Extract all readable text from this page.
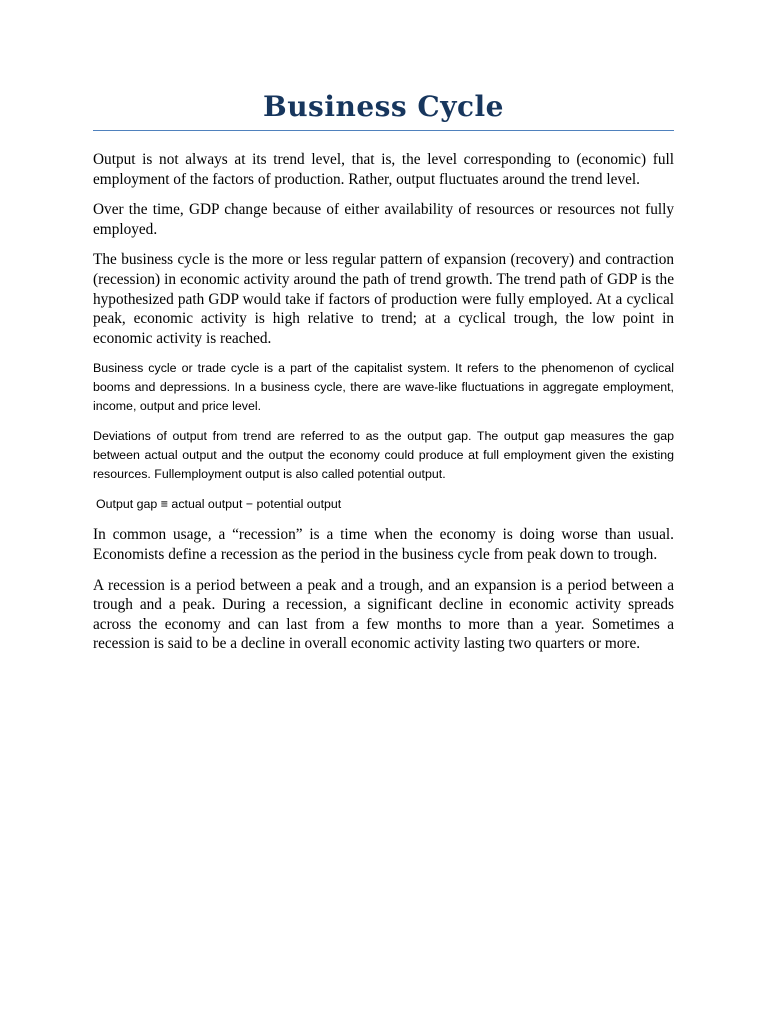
Business Cycle

Output is not always at its trend level, that is, the level corresponding to (economic) full employment of the factors of production. Rather, output fluctuates around the trend level.

Over the time, GDP change because of either availability of resources or resources not fully employed.

The business cycle is the more or less regular pattern of expansion (recovery) and contraction (recession) in economic activity around the path of trend growth. The trend path of GDP is the hypothesized path GDP would take if factors of production were fully employed. At a cyclical peak, economic activity is high relative to trend; at a cyclical trough, the low point in economic activity is reached.

Business cycle or trade cycle is a part of the capitalist system. It refers to the phenomenon of cyclical booms and depressions. In a business cycle, there are wave-like fluctuations in aggregate employment, income, output and price level.

Deviations of output from trend are referred to as the output gap. The output gap measures the gap between actual output and the output the economy could produce at full employment given the existing resources. Fullemployment output is also called potential output.

Output gap ≡ actual output − potential output

In common usage, a “recession” is a time when the economy is doing worse than usual. Economists define a recession as the period in the business cycle from peak down to trough.

A recession is a period between a peak and a trough, and an expansion is a period between a trough and a peak. During a recession, a significant decline in economic activity spreads across the economy and can last from a few months to more than a year. Sometimes a recession is said to be a decline in overall economic activity lasting two quarters or more.
